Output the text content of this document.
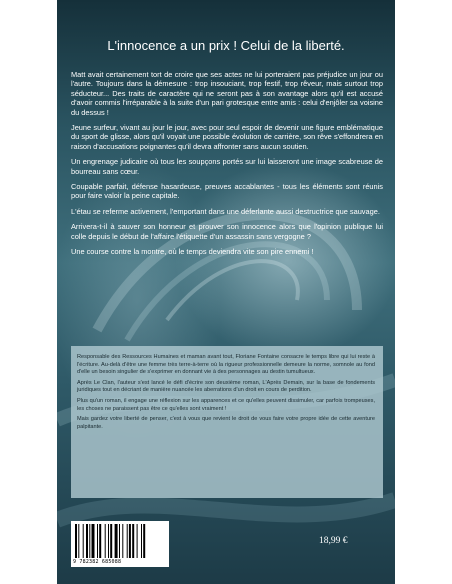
L'innocence a un prix ! Celui de la liberté.

Matt avait certainement tort de croire que ses actes ne lui porteraient pas préjudice un jour ou l'autre. Toujours dans la démesure : trop insouciant, trop festif, trop rêveur, mais surtout trop séducteur... Des traits de caractère qui ne seront pas à son avantage alors qu'il est accusé d'avoir commis l'irréparable à la suite d'un pari grotesque entre amis : celui d'enjôler sa voisine du dessus !

Jeune surfeur, vivant au jour le jour, avec pour seul espoir de devenir une figure emblématique du sport de glisse, alors qu'il voyait une possible évolution de carrière, son rêve s'effondrera en raison d'accusations poignantes qu'il devra affronter sans aucun soutien.

Un engrenage judicaire où tous les soupçons portés sur lui laisseront une image scabreuse de bourreau sans cœur.

Coupable parfait, défense hasardeuse, preuves accablantes - tous les éléments sont réunis pour faire valoir la peine capitale.

L'étau se referme activement, l'emportant dans une déferlante aussi destructrice que sauvage.

Arrivera-t-il à sauver son honneur et prouver son innocence alors que l'opinion publique lui colle depuis le début de l'affaire l'étiquette d'un assassin sans vergogne ?

Une course contre la montre, où le temps deviendra vite son pire ennemi !

Responsable des Ressources Humaines et maman avant tout, Floriane Fontaine consacre le temps libre qui lui reste à l'écriture. Au-delà d'être une femme très terre-à-terre où la rigueur professionnelle demeure la norme, somnole au fond d'elle un besoin singulier de s'exprimer en donnant vie à des personnages au destin tumultueux.

Après Le Clan, l'auteur s'est lancé le défi d'écrire son deuxième roman, L'Après Demain, sur la base de fondements juridiques tout en décriant de manière nuancée les aberrations d'un droit en cours de perdition.

Plus qu'un roman, il engage une réflexion sur les apparences et ce qu'elles peuvent dissimuler, car parfois trompeuses, les choses ne paraissent pas être ce qu'elles sont vraiment !

Mais gardez votre liberté de penser, c'est à vous que revient le droit de vous faire votre propre idée de cette aventure palpitante.

9 782382 685088
18,99 €
